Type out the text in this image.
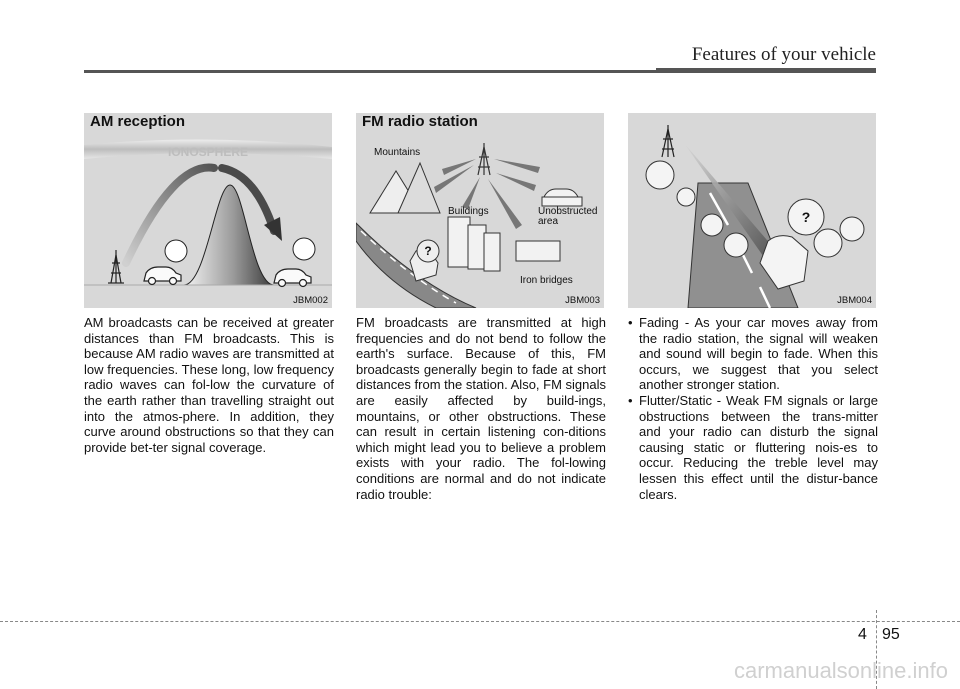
Features of your vehicle
IONOSPHERE
AM reception
JBM002
?
Mountains
Buildings	Unobstructed
area
Iron bridges
FM radio station
JBM003
?
JBM004
AM broadcasts can be received at greater distances than FM broadcasts. This is because AM radio waves are transmitted at low frequencies. These long, low frequency radio waves can fol-low the curvature of the earth rather than travelling straight out into the atmos-phere. In addition, they curve around obstructions so that they can provide bet-ter signal coverage.
FM broadcasts are transmitted at high frequencies and do not bend to follow the earth's surface. Because of this, FM broadcasts generally begin to fade at short distances from the station. Also, FM signals are easily affected by build-ings, mountains, or other obstructions. These can result in certain listening con-ditions which might lead you to believe a problem exists with your radio. The fol-lowing conditions are normal and do not indicate radio trouble:
• Fading - As your car moves away from the radio station, the signal will weaken and sound will begin to fade. When this occurs, we suggest that you select another stronger station.
• Flutter/Static - Weak FM signals or large obstructions between the trans-mitter and your radio can disturb the signal causing static or fluttering nois-es to occur. Reducing the treble level may lessen this effect until the distur-bance clears.
4 95
carmanualsonline.info
